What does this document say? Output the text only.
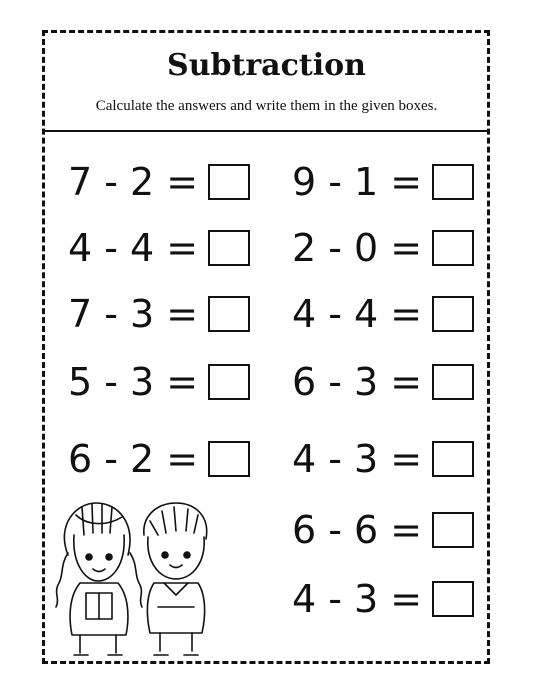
Subtraction
Calculate the answers and write them in the given boxes.
7 - 2 =
4 - 4 =
7 - 3 =
5 - 3 =
6 - 2 =
9 - 1 =
2 - 0 =
4 - 4 =
6 - 3 =
4 - 3 =
6 - 6 =
4 - 3 =
